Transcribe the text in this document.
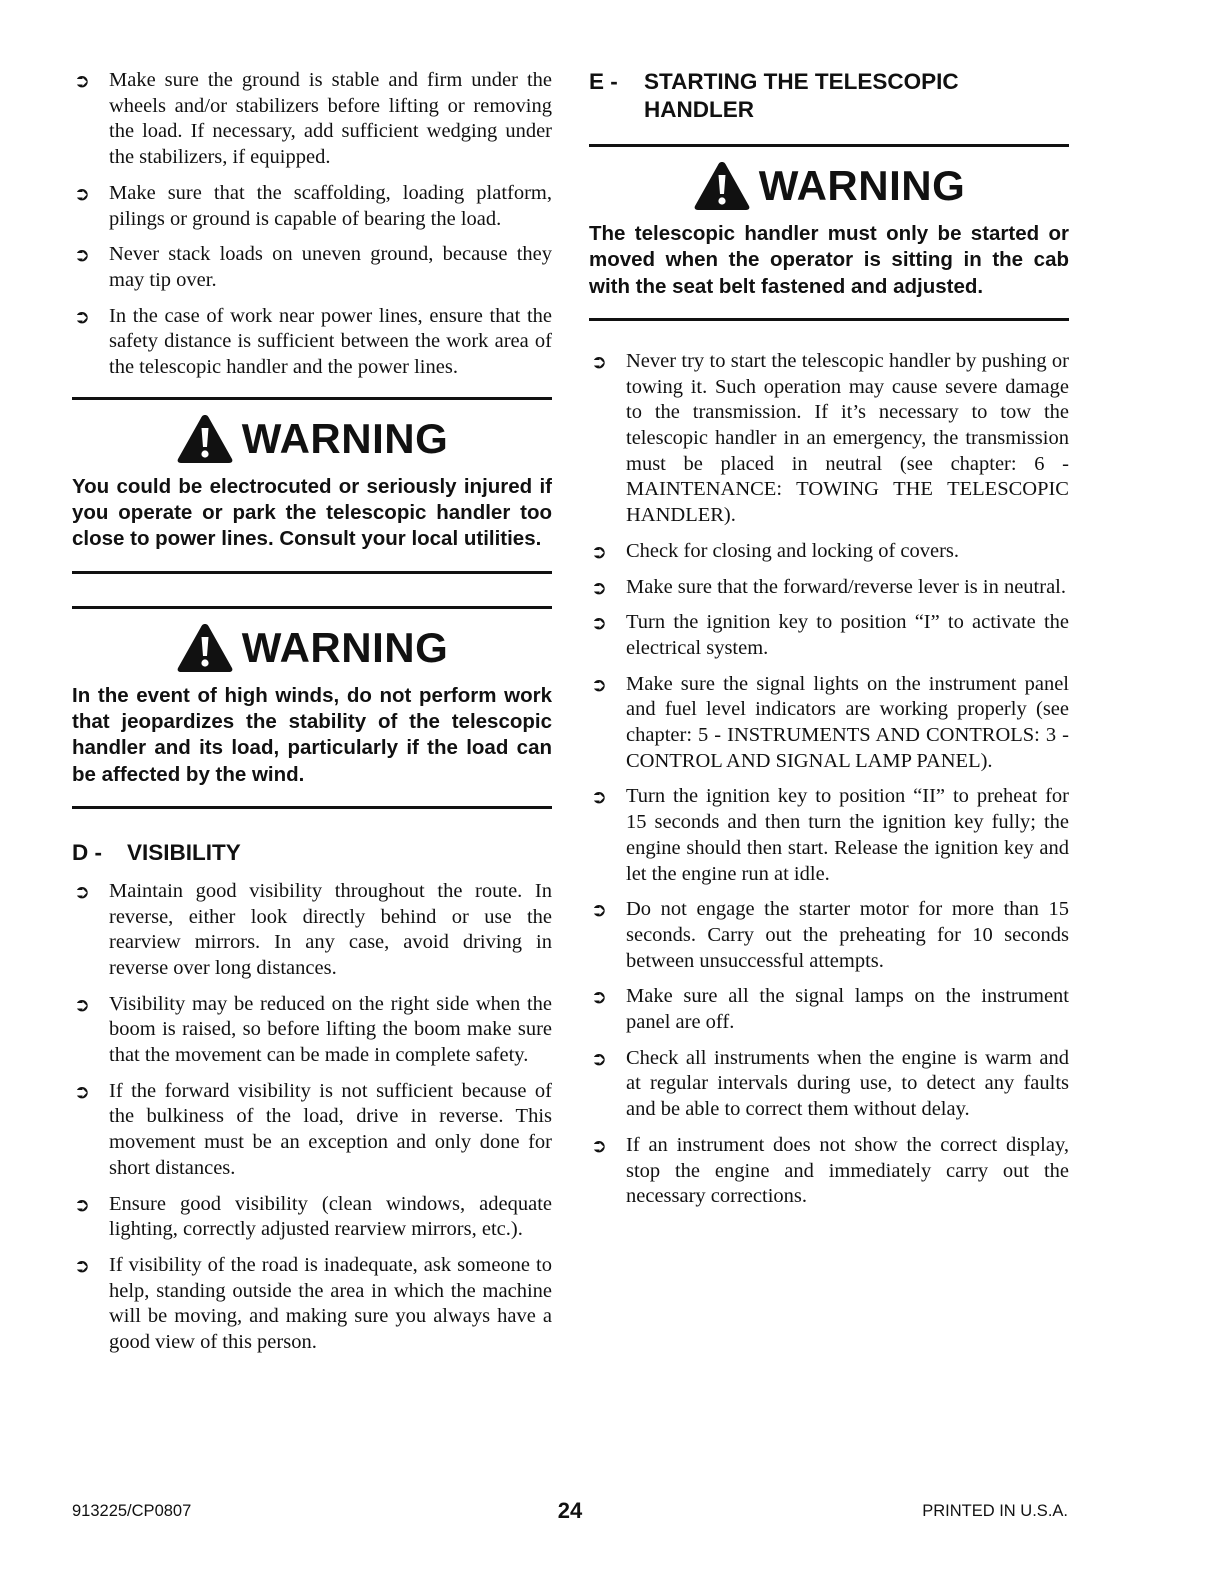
➲ Make sure the ground is stable and firm under the wheels and/or stabilizers before lifting or removing the load. If necessary, add sufficient wedging under the stabilizers, if equipped.
➲ Make sure that the scaffolding, loading platform, pilings or ground is capable of bearing the load.
➲ Never stack loads on uneven ground, because they may tip over.
➲ In the case of work near power lines, ensure that the safety distance is sufficient between the work area of the telescopic handler and the power lines.
WARNING

You could be electrocuted or seriously injured if you operate or park the telescopic handler too close to power lines. Consult your local utilities.

WARNING

In the event of high winds, do not perform work that jeopardizes the stability of the telescopic handler and its load, particularly if the load can be affected by the wind.

D -	VISIBILITY
➲ Maintain good visibility throughout the route. In reverse, either look directly behind or use the rearview mirrors. In any case, avoid driving in reverse over long distances.
➲ Visibility may be reduced on the right side when the boom is raised, so before lifting the boom make sure that the movement can be made in complete safety.
➲ If the forward visibility is not sufficient because of the bulkiness of the load, drive in reverse. This movement must be an exception and only done for short distances.
➲ Ensure good visibility (clean windows, adequate lighting, correctly adjusted rearview mirrors, etc.).
➲ If visibility of the road is inadequate, ask someone to help, standing outside the area in which the machine will be moving, and making sure you always have a good view of this person.
E -	STARTING THE TELESCOPIC HANDLER
WARNING

The telescopic handler must only be started or moved when the operator is sitting in the cab with the seat belt fastened and adjusted.

➲ Never try to start the telescopic handler by pushing or towing it. Such operation may cause severe damage to the transmission. If it’s necessary to tow the telescopic handler in an emergency, the transmission must be placed in neutral (see chapter: 6 - MAINTENANCE: TOWING THE TELESCOPIC HANDLER).
➲ Check for closing and locking of covers.
➲ Make sure that the forward/reverse lever is in neutral.
➲ Turn the ignition key to position “I” to activate the electrical system.
➲ Make sure the signal lights on the instrument panel and fuel level indicators are working properly (see chapter: 5 - INSTRUMENTS AND CONTROLS: 3 - CONTROL AND SIGNAL LAMP PANEL).
➲ Turn the ignition key to position “II” to preheat for 15 seconds and then turn the ignition key fully; the engine should then start. Release the ignition key and let the engine run at idle.
➲ Do not engage the starter motor for more than 15 seconds. Carry out the preheating for 10 seconds between unsuccessful attempts.
➲ Make sure all the signal lamps on the instrument panel are off.
➲ Check all instruments when the engine is warm and at regular intervals during use, to detect any faults and be able to correct them without delay.
➲ If an instrument does not show the correct display, stop the engine and immediately carry out the necessary corrections.
913225/CP0807	24	PRINTED IN U.S.A.
